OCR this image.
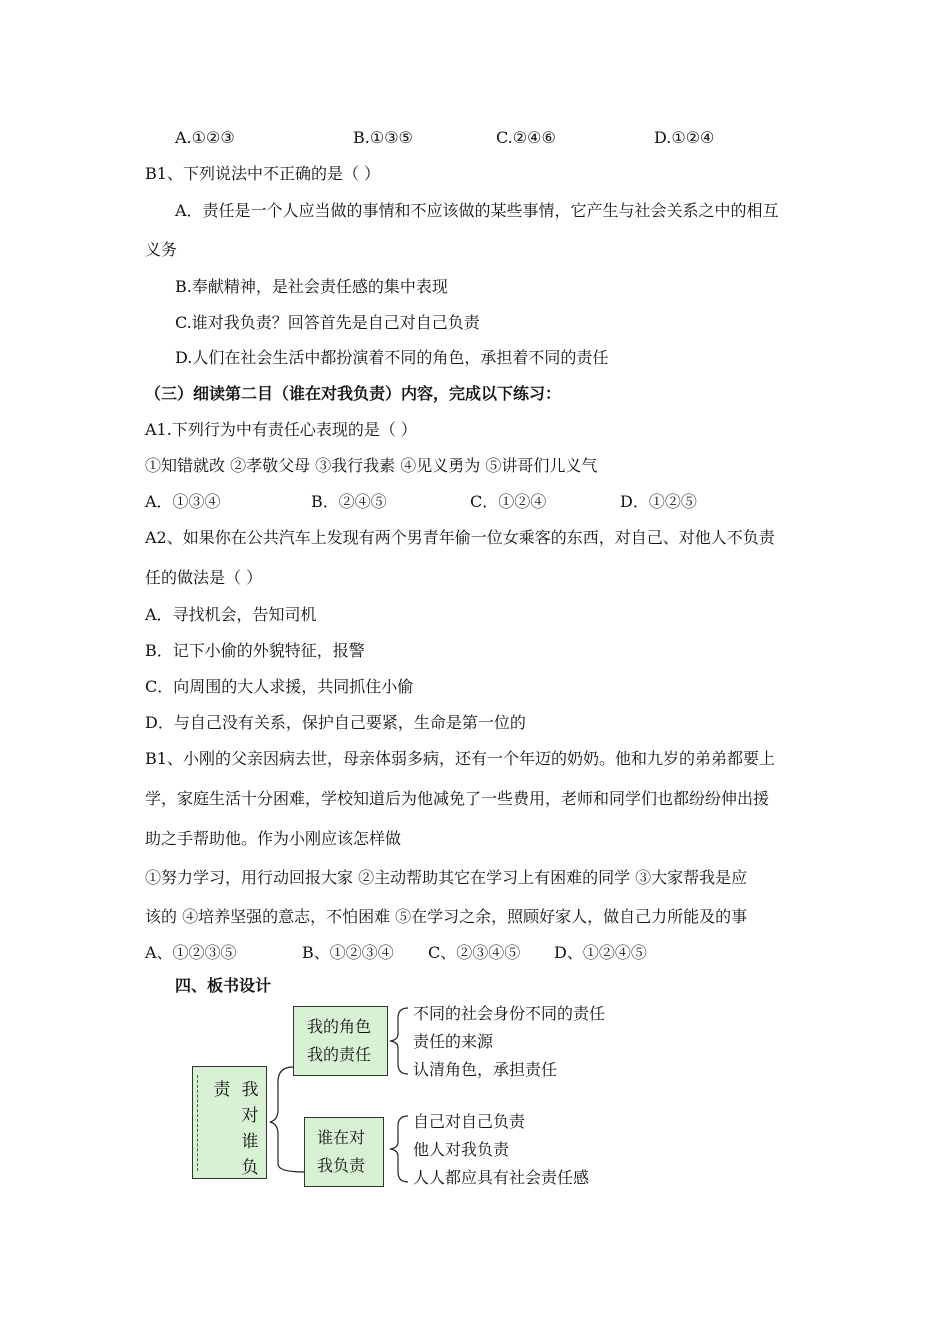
A.①②③	B.①③⑤	C.②④⑥	D.①②④
B1、下列说法中不正确的是（ ）
A．责任是一个人应当做的事情和不应该做的某些事情，它产生与社会关系之中的相互
义务
B.奉献精神，是社会责任感的集中表现
C.谁对我负责？回答首先是自己对自己负责
D.人们在社会生活中都扮演着不同的角色，承担着不同的责任
（三）细读第二目（谁在对我负责）内容，完成以下练习：
A1.下列行为中有责任心表现的是（ ）
①知错就改 ②孝敬父母 ③我行我素 ④见义勇为 ⑤讲哥们儿义气
A．①③④	B．②④⑤	C．①②④	D．①②⑤
A2、如果你在公共汽车上发现有两个男青年偷一位女乘客的东西，对自己、对他人不负责
任的做法是（ ）
A．寻找机会，告知司机
B．记下小偷的外貌特征，报警
C．向周围的大人求援，共同抓住小偷
D．与自己没有关系，保护自己要紧，生命是第一位的
B1、小刚的父亲因病去世，母亲体弱多病，还有一个年迈的奶奶。他和九岁的弟弟都要上
学，家庭生活十分困难，学校知道后为他减免了一些费用，老师和同学们也都纷纷伸出援
助之手帮助他。作为小刚应该怎样做
①努力学习，用行动回报大家 ②主动帮助其它在学习上有困难的同学 ③大家帮我是应
该的 ④培养坚强的意志，不怕困难 ⑤在学习之余，照顾好家人，做自己力所能及的事
A、①②③⑤	B、①②③④ C、②③④⑤ D、①②④⑤
四、板书设计
责 我
对
谁
负
我的角色
我的责任
谁在对
我负责
不同的社会身份不同的责任
责任的来源
认清角色，承担责任
自己对自己负责
他人对我负责
人人都应具有社会责任感
